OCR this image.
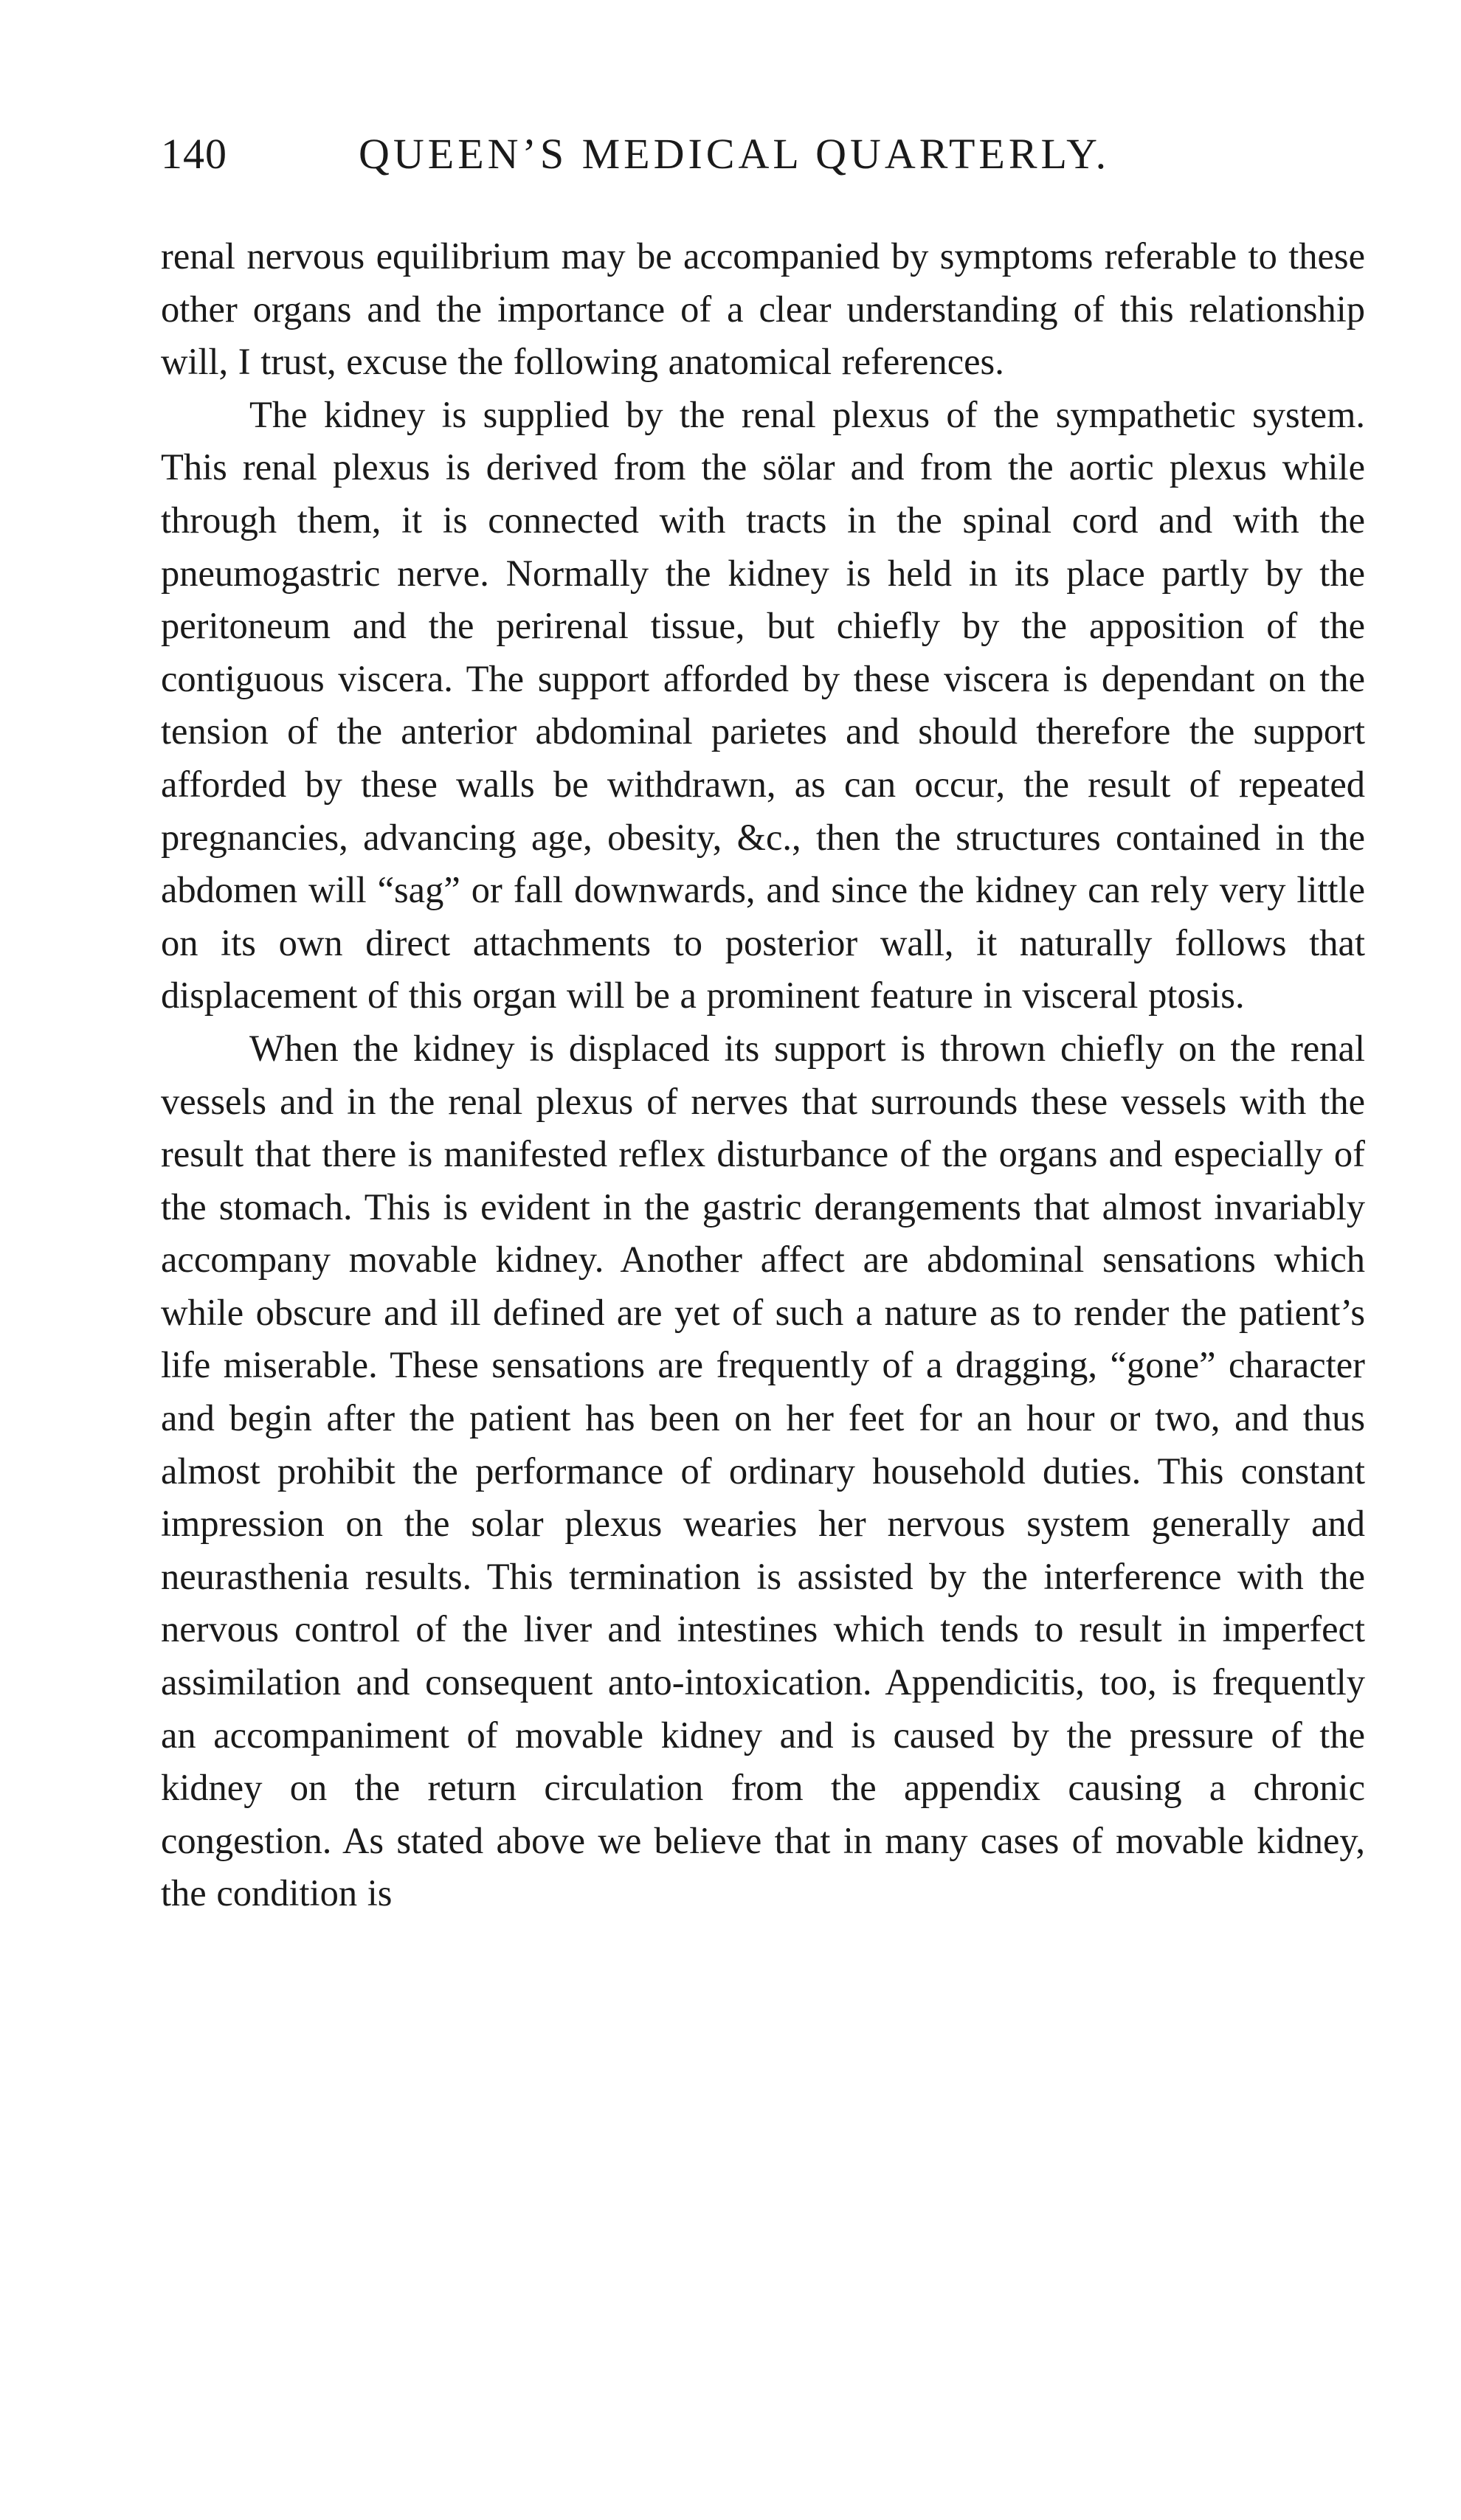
140	QUEEN’S MEDICAL QUARTERLY.

renal nervous equilibrium may be accompanied by symptoms referable to these other organs and the importance of a clear understanding of this relationship will, I trust, excuse the following anatomical references.

The kidney is supplied by the renal plexus of the sympathetic system. This renal plexus is derived from the sölar and from the aortic plexus while through them, it is connected with tracts in the spinal cord and with the pneumogastric nerve. Normally the kidney is held in its place partly by the peritoneum and the perirenal tissue, but chiefly by the apposition of the contiguous viscera. The support afforded by these viscera is dependant on the tension of the anterior abdominal parietes and should therefore the support afforded by these walls be withdrawn, as can occur, the result of repeated pregnancies, advancing age, obesity, &c., then the structures contained in the abdomen will “sag” or fall downwards, and since the kidney can rely very little on its own direct attachments to posterior wall, it naturally follows that displacement of this organ will be a prominent feature in visceral ptosis.

When the kidney is displaced its support is thrown chiefly on the renal vessels and in the renal plexus of nerves that surrounds these vessels with the result that there is manifested reflex disturbance of the organs and especially of the stomach. This is evident in the gastric derangements that almost invariably accompany movable kidney. Another affect are abdominal sensations which while obscure and ill defined are yet of such a nature as to render the patient’s life miserable. These sensations are frequently of a dragging, “gone” character and begin after the patient has been on her feet for an hour or two, and thus almost prohibit the performance of ordinary household duties. This constant impression on the solar plexus wearies her nervous system generally and neurasthenia results. This termination is assisted by the interference with the nervous control of the liver and intestines which tends to result in imperfect assimilation and consequent anto-intoxication. Appendicitis, too, is frequently an accompaniment of movable kidney and is caused by the pressure of the kidney on the return circulation from the appendix causing a chronic congestion. As stated above we believe that in many cases of movable kidney, the condition is
